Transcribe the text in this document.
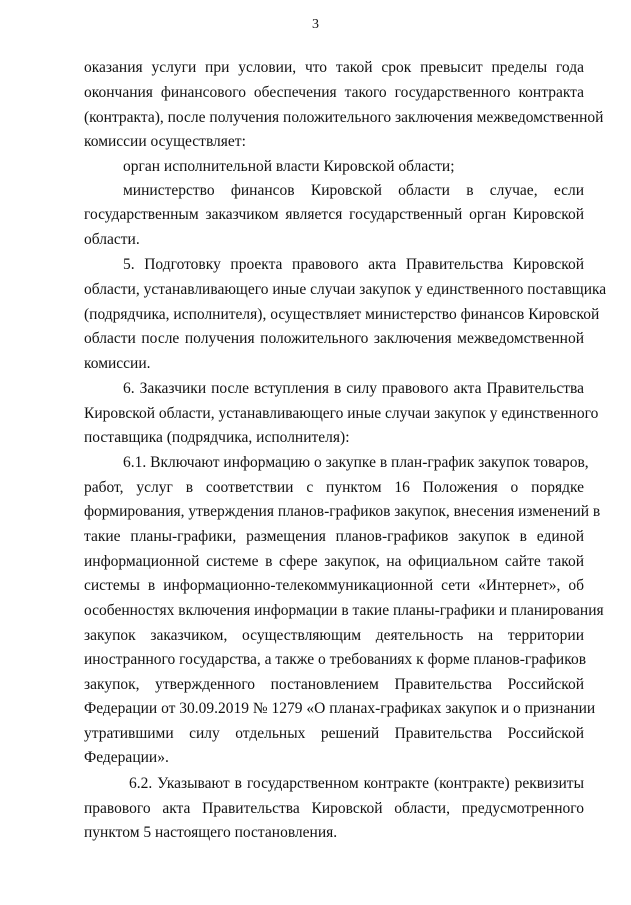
3
оказания услуги при условии, что такой срок превысит пределы года
окончания финансового обеспечения такого государственного контракта
(контракта), после получения положительного заключения межведомственной
комиссии осуществляет:
орган исполнительной власти Кировской области;
министерство финансов Кировской области в случае, если
государственным заказчиком является государственный орган Кировской
области.
5. Подготовку проекта правового акта Правительства Кировской
области, устанавливающего иные случаи закупок у единственного поставщика
(подрядчика, исполнителя), осуществляет министерство финансов Кировской
области после получения положительного заключения межведомственной
комиссии.
6. Заказчики после вступления в силу правового акта Правительства
Кировской области, устанавливающего иные случаи закупок у единственного
поставщика (подрядчика, исполнителя):
6.1. Включают информацию о закупке в план-график закупок товаров,
работ, услуг в соответствии с пунктом 16 Положения о порядке
формирования, утверждения планов-графиков закупок, внесения изменений в
такие планы-графики, размещения планов-графиков закупок в единой
информационной системе в сфере закупок, на официальном сайте такой
системы в информационно-телекоммуникационной сети «Интернет», об
особенностях включения информации в такие планы-графики и планирования
закупок заказчиком, осуществляющим деятельность на территории
иностранного государства, а также о требованиях к форме планов-графиков
закупок, утвержденного постановлением Правительства Российской
Федерации от 30.09.2019 № 1279 «О планах-графиках закупок и о признании
утратившими силу отдельных решений Правительства Российской
Федерации».
6.2. Указывают в государственном контракте (контракте) реквизиты
правового акта Правительства Кировской области, предусмотренного
пунктом 5 настоящего постановления.
